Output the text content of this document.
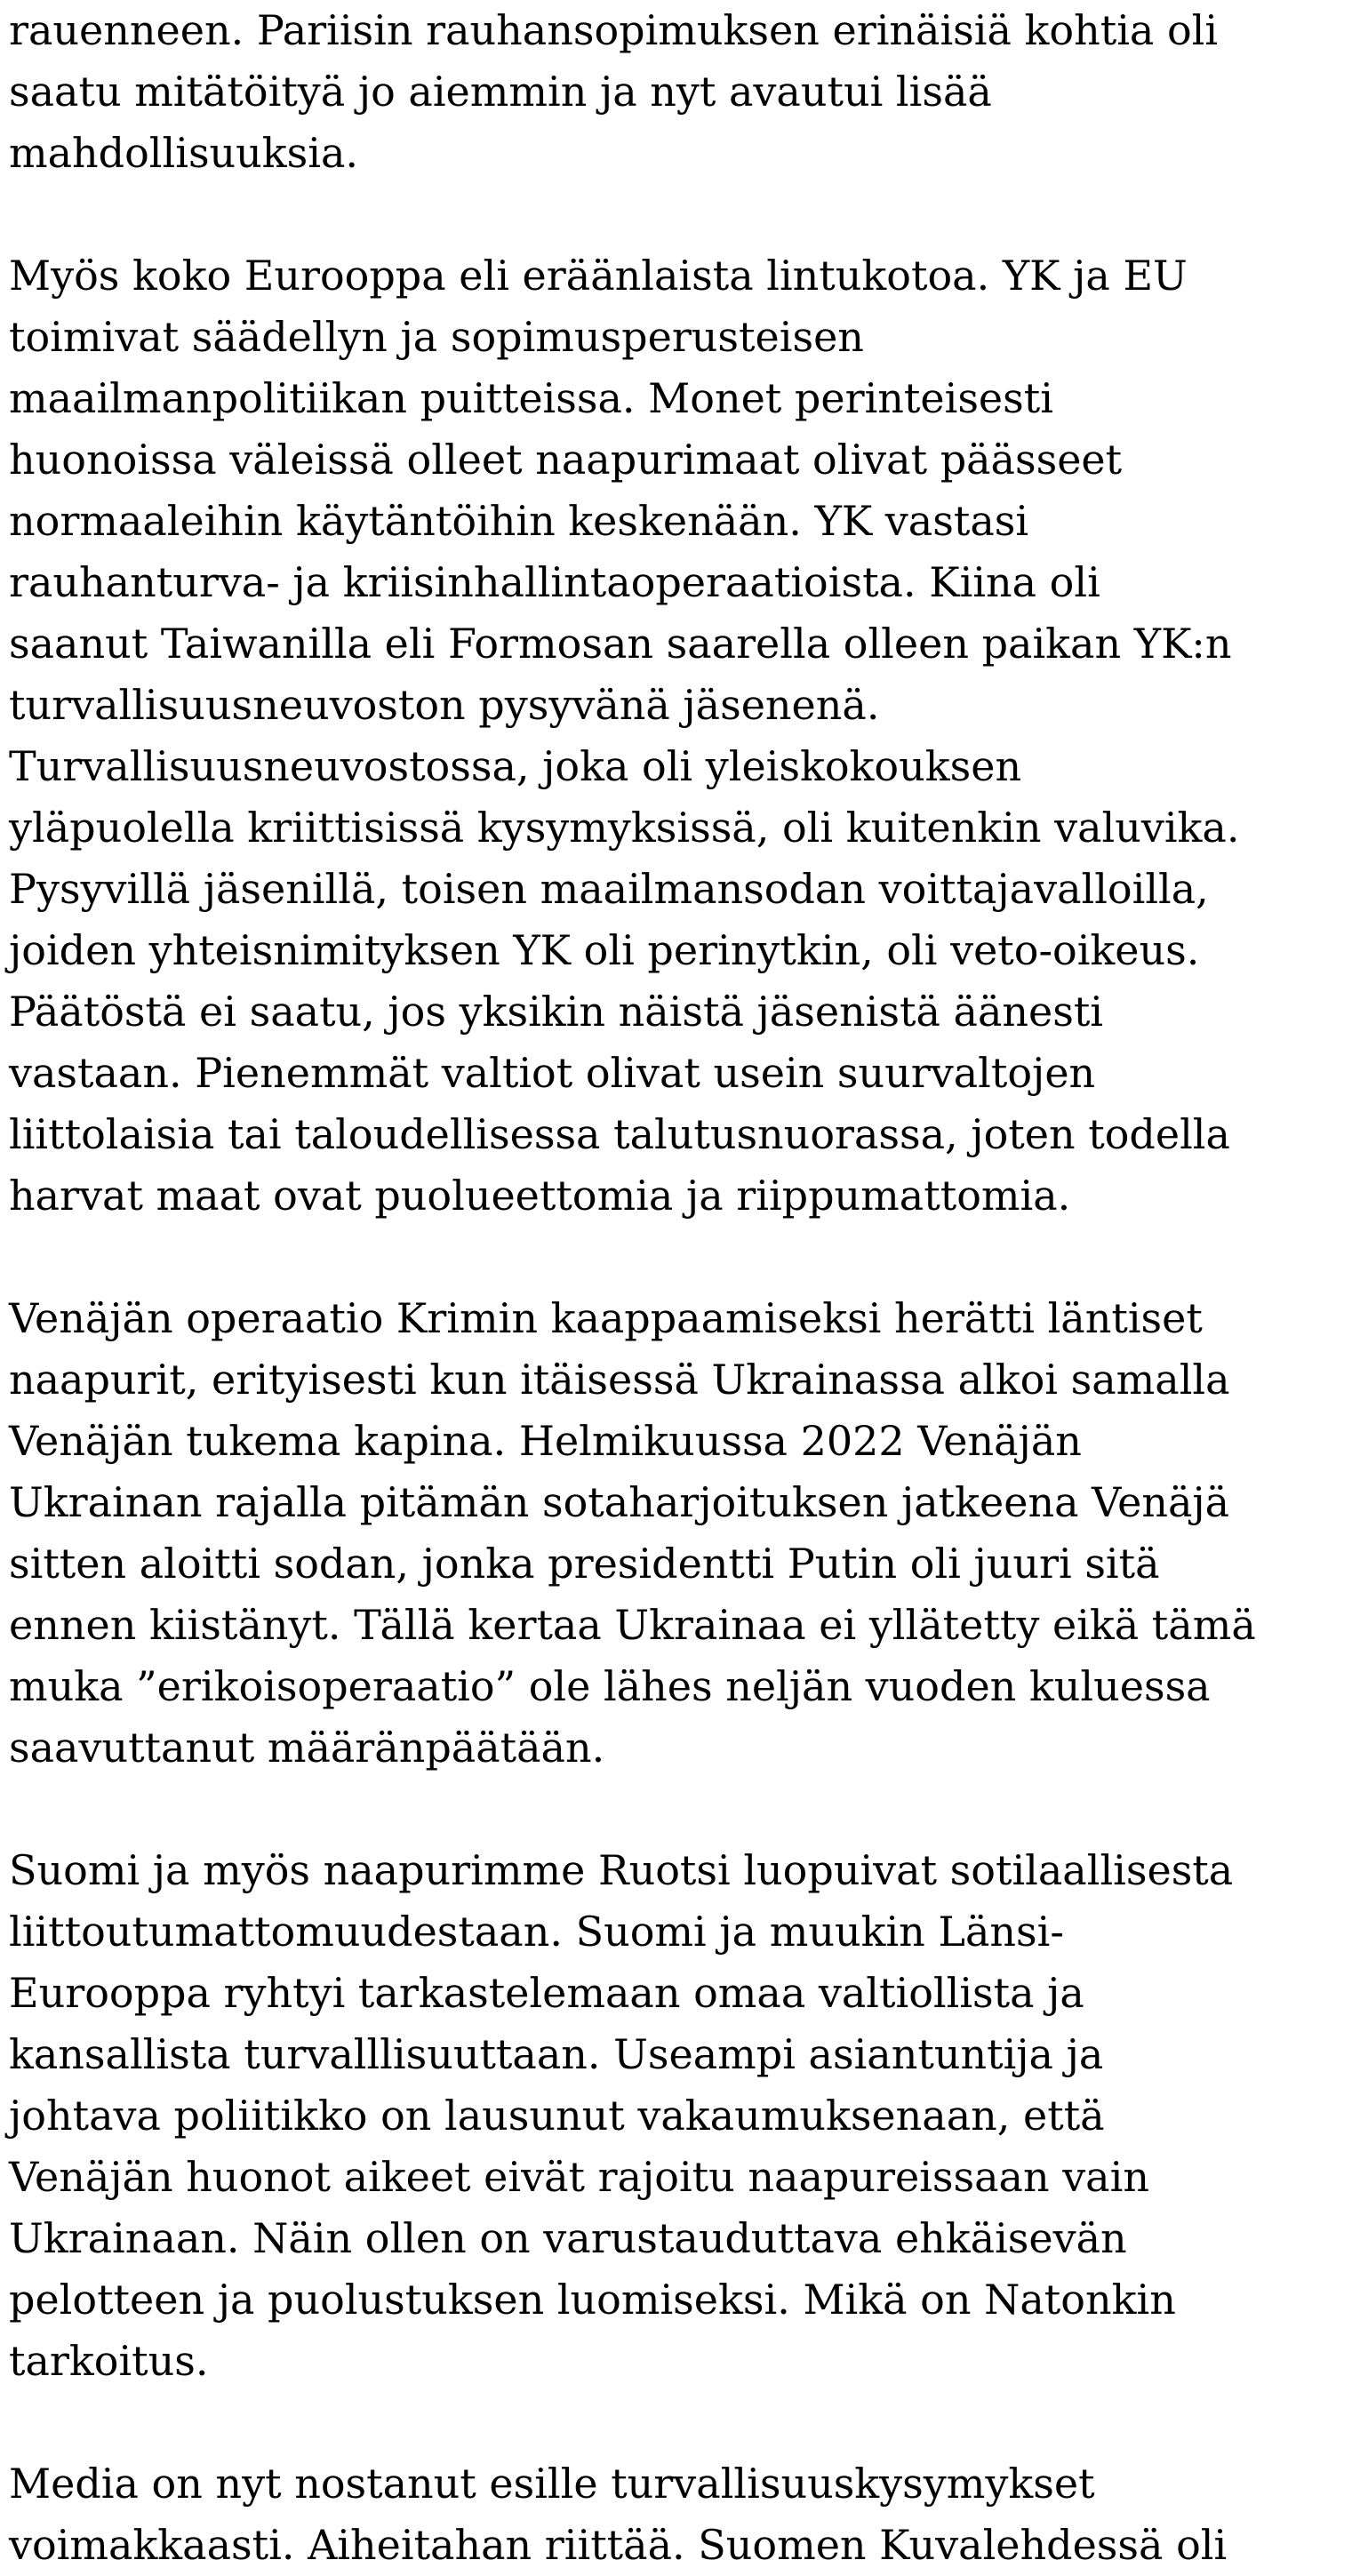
rauenneen. Pariisin rauhansopimuksen erinäisiä kohtia oli
saatu mitätöityä jo aiemmin ja nyt avautui lisää
mahdollisuuksia.

Myös koko Eurooppa eli eräänlaista lintukotoa. YK ja EU
toimivat säädellyn ja sopimusperusteisen
maailmanpolitiikan puitteissa. Monet perinteisesti
huonoissa väleissä olleet naapurimaat olivat päässeet
normaaleihin käytäntöihin keskenään. YK vastasi
rauhanturva- ja kriisinhallintaoperaatioista. Kiina oli
saanut Taiwanilla eli Formosan saarella olleen paikan YK:n
turvallisuusneuvoston pysyvänä jäsenenä.
Turvallisuusneuvostossa, joka oli yleiskokouksen
yläpuolella kriittisissä kysymyksissä, oli kuitenkin valuvika.
Pysyvillä jäsenillä, toisen maailmansodan voittajavalloilla,
joiden yhteisnimityksen YK oli perinytkin, oli veto-oikeus.
Päätöstä ei saatu, jos yksikin näistä jäsenistä äänesti
vastaan. Pienemmät valtiot olivat usein suurvaltojen
liittolaisia tai taloudellisessa talutusnuorassa, joten todella
harvat maat ovat puolueettomia ja riippumattomia.

Venäjän operaatio Krimin kaappaamiseksi herätti läntiset
naapurit, erityisesti kun itäisessä Ukrainassa alkoi samalla
Venäjän tukema kapina. Helmikuussa 2022 Venäjän
Ukrainan rajalla pitämän sotaharjoituksen jatkeena Venäjä
sitten aloitti sodan, jonka presidentti Putin oli juuri sitä
ennen kiistänyt. Tällä kertaa Ukrainaa ei yllätetty eikä tämä
muka ”erikoisoperaatio” ole lähes neljän vuoden kuluessa
saavuttanut määränpäätään.

Suomi ja myös naapurimme Ruotsi luopuivat sotilaallisesta
liittoutumattomuudestaan. Suomi ja muukin Länsi-
Eurooppa ryhtyi tarkastelemaan omaa valtiollista ja
kansallista turvalllisuuttaan. Useampi asiantuntija ja
johtava poliitikko on lausunut vakaumuksenaan, että
Venäjän huonot aikeet eivät rajoitu naapureissaan vain
Ukrainaan. Näin ollen on varustauduttava ehkäisevän
pelotteen ja puolustuksen luomiseksi. Mikä on Natonkin
tarkoitus.

Media on nyt nostanut esille turvallisuuskysymykset
voimakkaasti. Aiheitahan riittää. Suomen Kuvalehdessä oli
